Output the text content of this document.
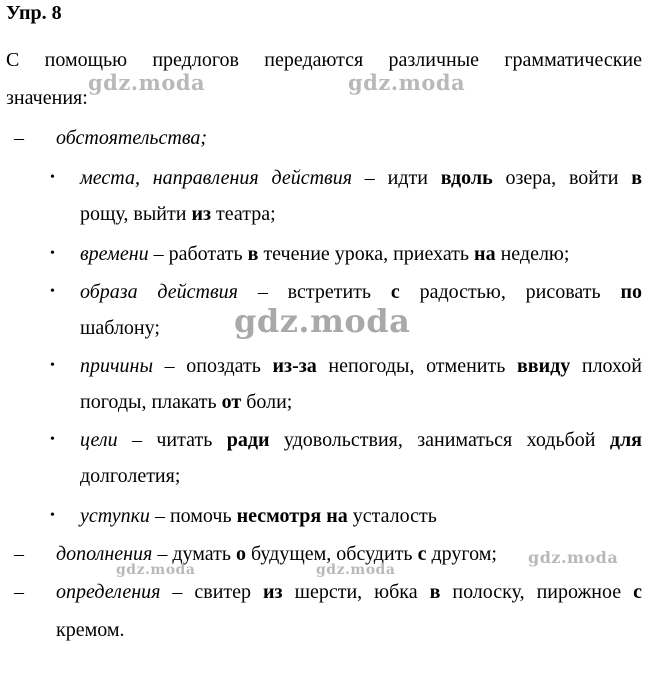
Упр. 8
С помощью предлогов передаются различные грамматические
значения:
–	обстоятельства;
• места, направления действия – идти вдоль озера, войти в
рощу, выйти из театра;
• времени – работать в течение урока, приехать на неделю;
• образа действия – встретить с радостью, рисовать по
шаблону;
• причины – опоздать из-за непогоды, отменить ввиду плохой
погоды, плакать от боли;
• цели – читать ради удовольствия, заниматься ходьбой для
долголетия;
• уступки – помочь несмотря на усталость
–	дополнения – думать о будущем, обсудить с другом;
–	определения – свитер из шерсти, юбка в полоску, пирожное с
кремом.
gdz.moda	gdz.moda
gdz.moda
gdz.moda
gdz.moda	gdz.moda
